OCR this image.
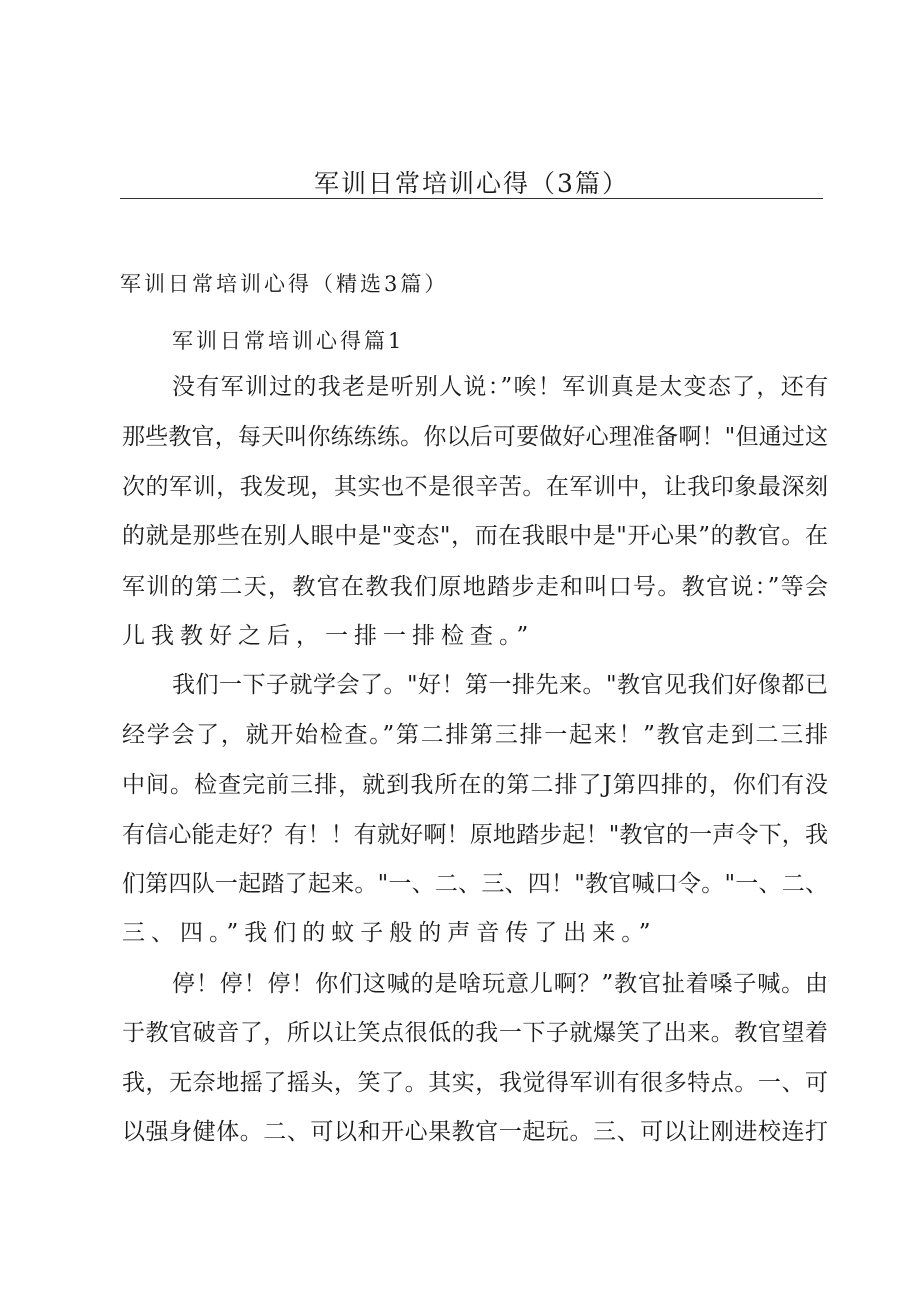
军训日常培训心得（3篇）
军训日常培训心得（精选3篇）
军训日常培训心得篇1
没有军训过的我老是听别人说：”唉！军训真是太变态了，还有
那些教官，每天叫你练练练。你以后可要做好心理准备啊！"但通过这
次的军训，我发现，其实也不是很辛苦。在军训中，让我印象最深刻
的就是那些在别人眼中是"变态"，而在我眼中是"开心果”的教官。在
军训的第二天，教官在教我们原地踏步走和叫口号。教官说：”等会
儿我教好之后，一排一排检查。”
我们一下子就学会了。"好！第一排先来。"教官见我们好像都已
经学会了，就开始检查。”第二排第三排一起来！”教官走到二三排
中间。检查完前三排，就到我所在的第二排了J第四排的，你们有没
有信心能走好？有！！有就好啊！原地踏步起！"教官的一声令下，我
们第四队一起踏了起来。"一、二、三、四！"教官喊口令。"一、二、
三、四。”我们的蚊子般的声音传了出来。”
停！停！停！你们这喊的是啥玩意儿啊？”教官扯着嗓子喊。由
于教官破音了，所以让笑点很低的我一下子就爆笑了出来。教官望着
我，无奈地摇了摇头，笑了。其实，我觉得军训有很多特点。一、可
以强身健体。二、可以和开心果教官一起玩。三、可以让刚进校连打
